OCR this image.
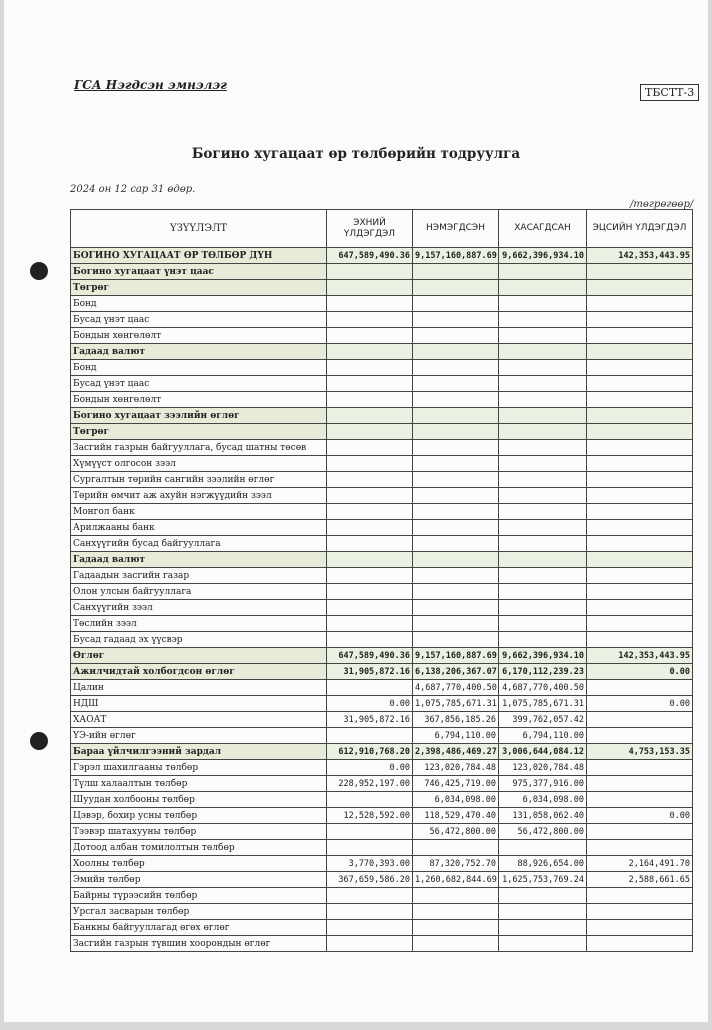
ГСА Нэгдсэн эмнэлэг
ТБСТТ-3
Богино хугацаат өр төлбөрийн тодруулга
2024 он 12 сар 31 өдөр.
/төгрөгөөр/
ҮЗҮҮЛЭЛТ	ЭХНИЙ ҮЛДЭГДЭЛ	НЭМЭГДСЭН	ХАСАГДСАН	ЭЦСИЙН ҮЛДЭГДЭЛ
БОГИНО ХУГАЦААТ ӨР ТӨЛБӨР ДҮН	647,589,490.36	9,157,160,887.69	9,662,396,934.10	142,353,443.95
Богино хугацаат үнэт цаас				
Төгрөг				
Бонд				
Бусад үнэт цаас				
Бондын хөнгөлөлт				
Гадаад валют				
Бонд				
Бусад үнэт цаас				
Бондын хөнгөлөлт				
Богино хугацаат зээлийн өглөг				
Төгрөг				
Засгийн газрын байгууллага, бусад шатны төсөв				
Хүмүүст олгосон зээл				
Сургалтын төрийн сангийн зээлийн өглөг				
Төрийн өмчит аж ахуйн нэгжүүдийн зээл				
Монгол банк				
Арилжааны банк				
Санхүүгийн бусад байгууллага				
Гадаад валют				
Гадаадын засгийн газар				
Олон улсын байгууллага				
Санхүүгийн зээл				
Төслийн зээл				
Бусад гадаад эх үүсвэр				
Өглөг	647,589,490.36	9,157,160,887.69	9,662,396,934.10	142,353,443.95
Ажилчидтай холбогдсон өглөг	31,905,872.16	6,138,206,367.07	6,170,112,239.23	0.00
Цалин		4,687,770,400.50	4,687,770,400.50	
НДШ	0.00	1,075,785,671.31	1,075,785,671.31	0.00
ХАОАТ	31,905,872.16	367,856,185.26	399,762,057.42	
ҮЭ-ийн өглөг		6,794,110.00	6,794,110.00	
Бараа үйлчилгээний зардал	612,910,768.20	2,398,486,469.27	3,006,644,084.12	4,753,153.35
Гэрэл шахилгааны төлбөр	0.00	123,020,784.48	123,020,784.48	
Түлш халаалтын төлбөр	228,952,197.00	746,425,719.00	975,377,916.00	
Шуудан холбооны төлбөр		6,034,098.00	6,034,098.00	
Цэвэр, бохир усны төлбөр	12,528,592.00	118,529,470.40	131,058,062.40	0.00
Тээвэр шатахууны төлбөр		56,472,800.00	56,472,800.00	
Дотоод албан томилолтын төлбөр				
Хоолны төлбөр	3,770,393.00	87,320,752.70	88,926,654.00	2,164,491.70
Эмийн төлбөр	367,659,586.20	1,260,682,844.69	1,625,753,769.24	2,588,661.65
Байрны түрээсийн төлбөр				
Урсгал засварын төлбөр				
Банкны байгууллагад өгөх өглөг				
Засгийн газрын түвшин хоорондын өглөг				
